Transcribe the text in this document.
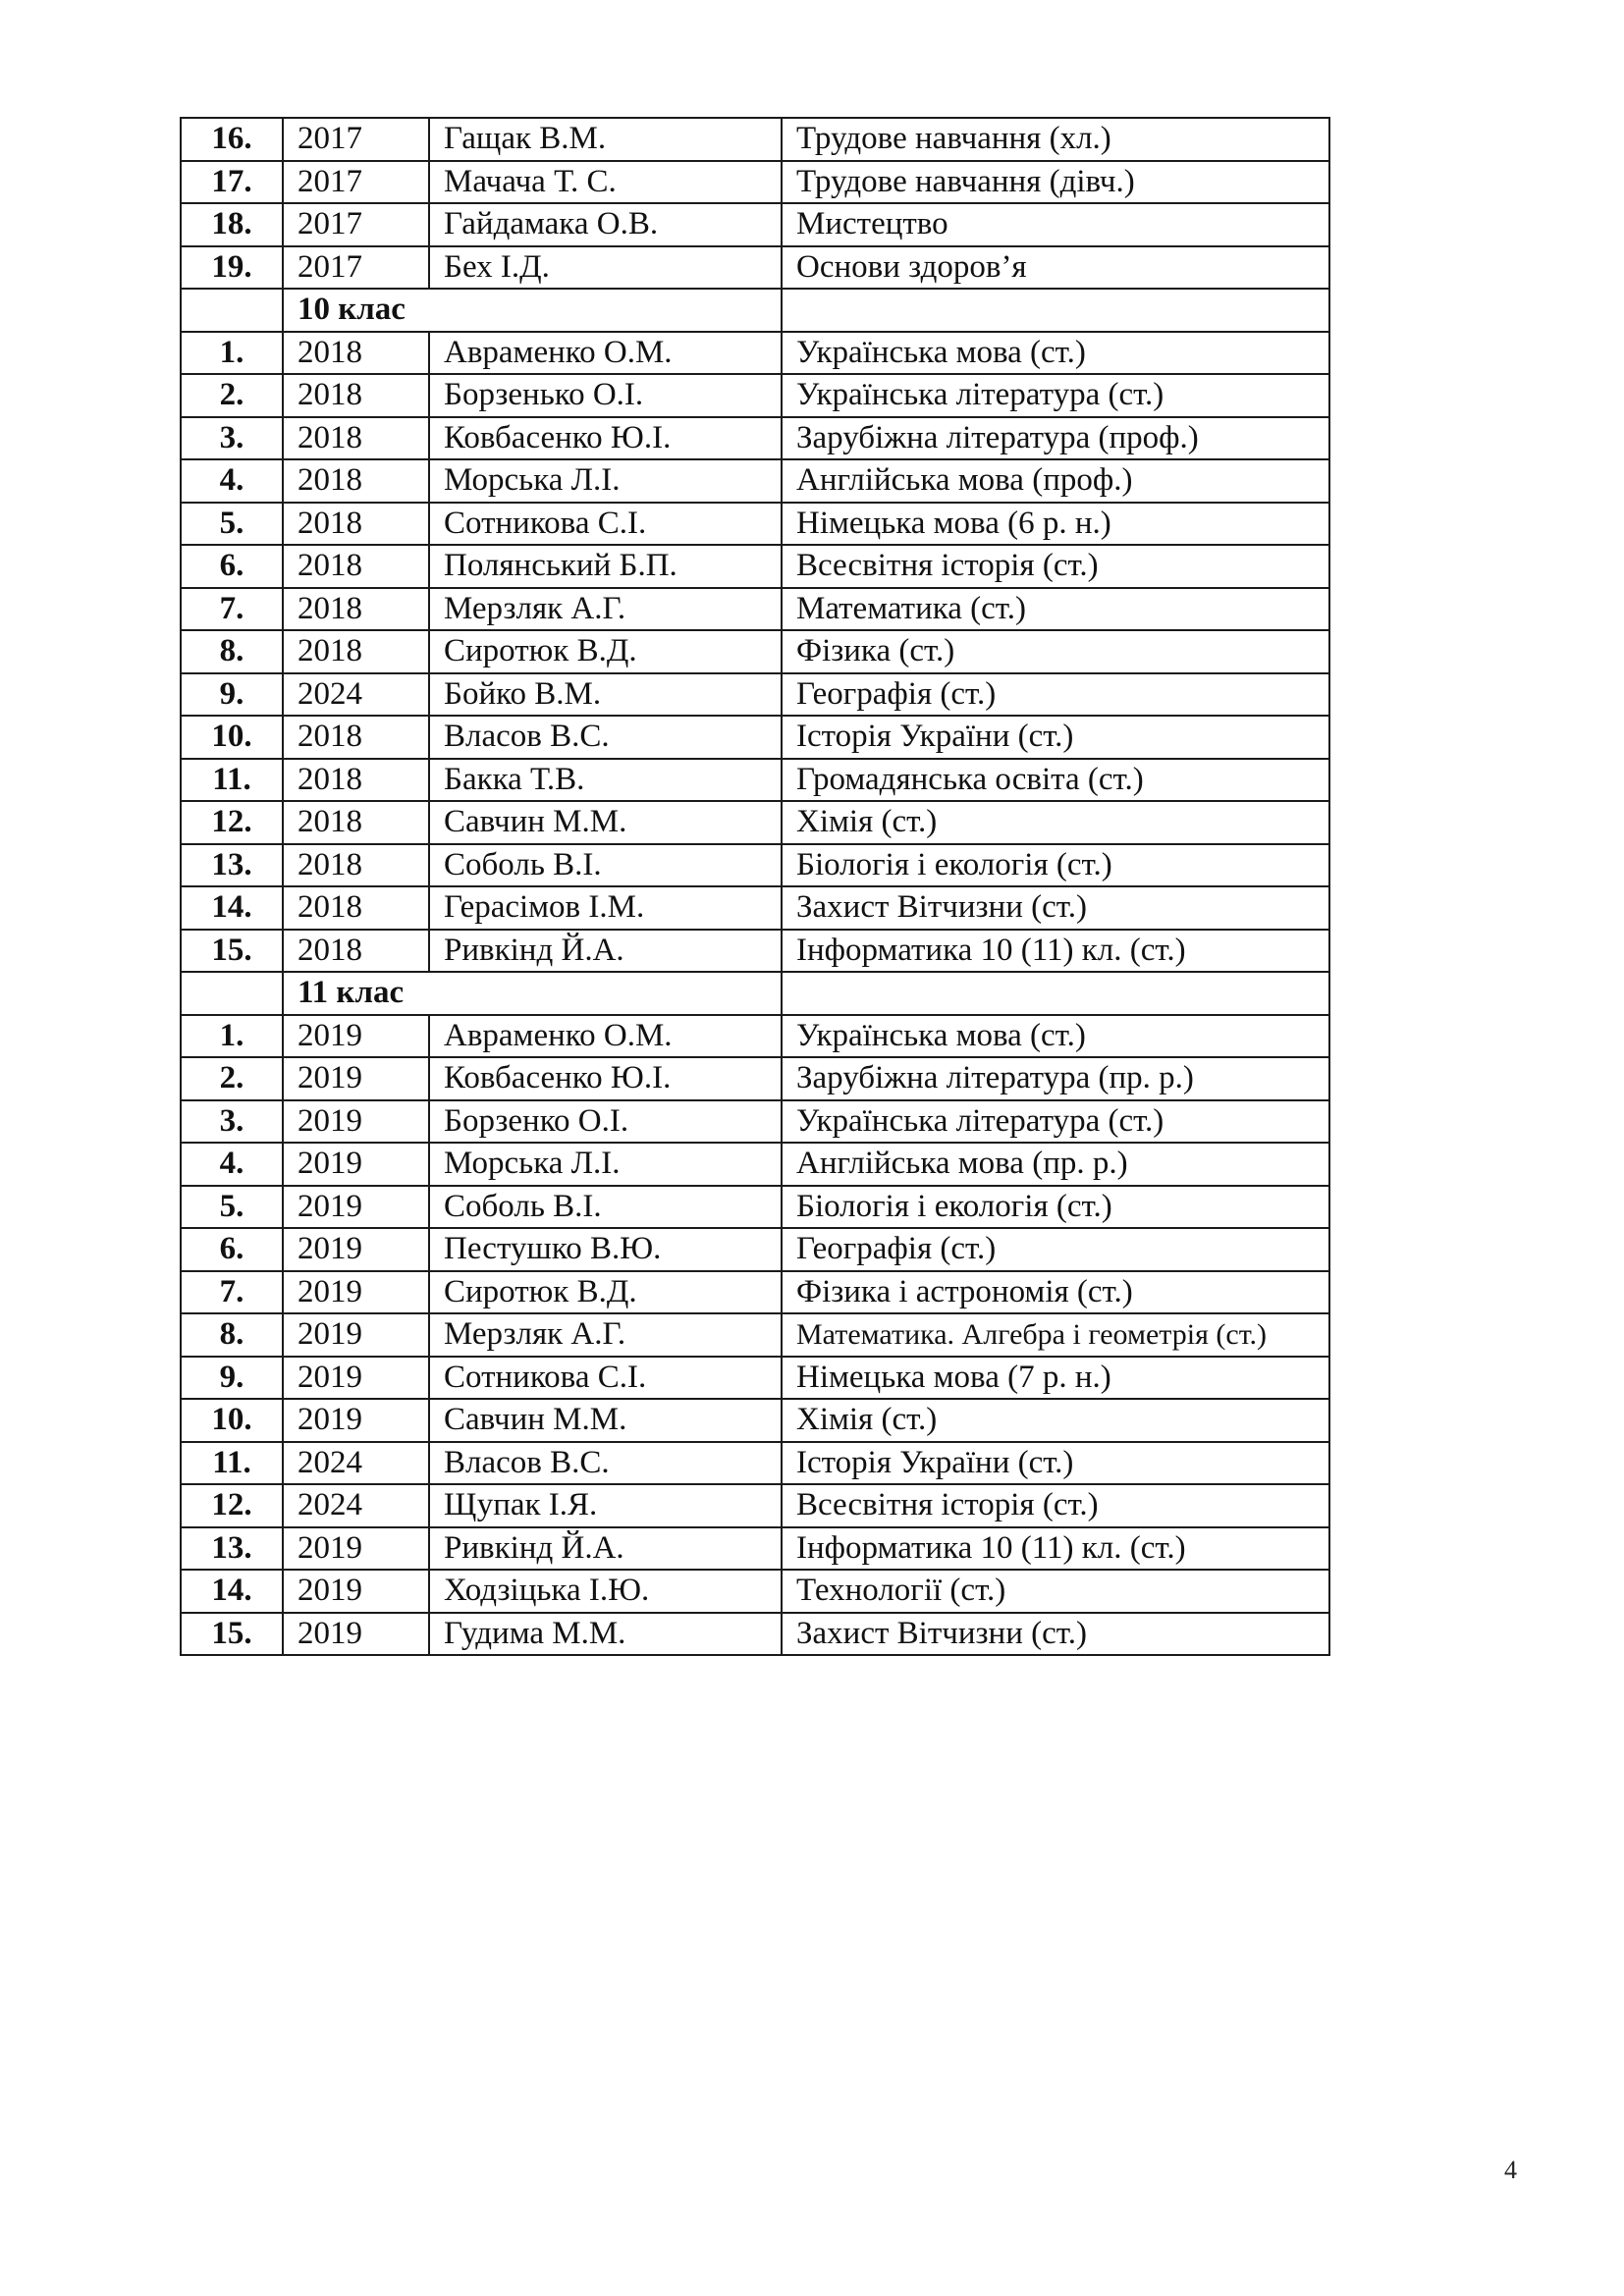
16.	2017	Гащак В.М.	Трудове навчання (хл.)
17.	2017	Мачача Т. С.	Трудове навчання (дівч.)
18.	2017	Гайдамака О.В.	Мистецтво
19.	2017	Бех І.Д.	Основи здоров’я
	10 клас		
1.	2018	Авраменко О.М.	Українська мова (ст.)
2.	2018	Борзенько О.І.	Українська література (ст.)
3.	2018	Ковбасенко Ю.І.	Зарубіжна література (проф.)
4.	2018	Морська Л.І.	Англійська мова (проф.)
5.	2018	Сотникова С.І.	Німецька мова (6 р. н.)
6.	2018	Полянський Б.П.	Всесвітня історія (ст.)
7.	2018	Мерзляк А.Г.	Математика (ст.)
8.	2018	Сиротюк В.Д.	Фізика (ст.)
9.	2024	Бойко В.М.	Географія (ст.)
10.	2018	Власов В.С.	Історія України (ст.)
11.	2018	Бакка Т.В.	Громадянська освіта (ст.)
12.	2018	Савчин М.М.	Хімія (ст.)
13.	2018	Соболь В.І.	Біологія і екологія (ст.)
14.	2018	Герасімов І.М.	Захист Вітчизни (ст.)
15.	2018	Ривкінд Й.А.	Інформатика 10 (11) кл. (ст.)
	11 клас		
1.	2019	Авраменко О.М.	Українська мова (ст.)
2.	2019	Ковбасенко Ю.І.	Зарубіжна література (пр. р.)
3.	2019	Борзенко О.І.	Українська література (ст.)
4.	2019	Морська Л.І.	Англійська мова (пр. р.)
5.	2019	Соболь В.І.	Біологія і екологія (ст.)
6.	2019	Пестушко В.Ю.	Географія (ст.)
7.	2019	Сиротюк В.Д.	Фізика і астрономія (ст.)
8.	2019	Мерзляк А.Г.	Математика. Алгебра і геометрія (ст.)
9.	2019	Сотникова С.І.	Німецька мова (7 р. н.)
10.	2019	Савчин М.М.	Хімія (ст.)
11.	2024	Власов В.С.	Історія України (ст.)
12.	2024	Щупак І.Я.	Всесвітня історія (ст.)
13.	2019	Ривкінд Й.А.	Інформатика 10 (11) кл. (ст.)
14.	2019	Ходзіцька І.Ю.	Технології (ст.)
15.	2019	Гудима М.М.	Захист Вітчизни (ст.)
4
